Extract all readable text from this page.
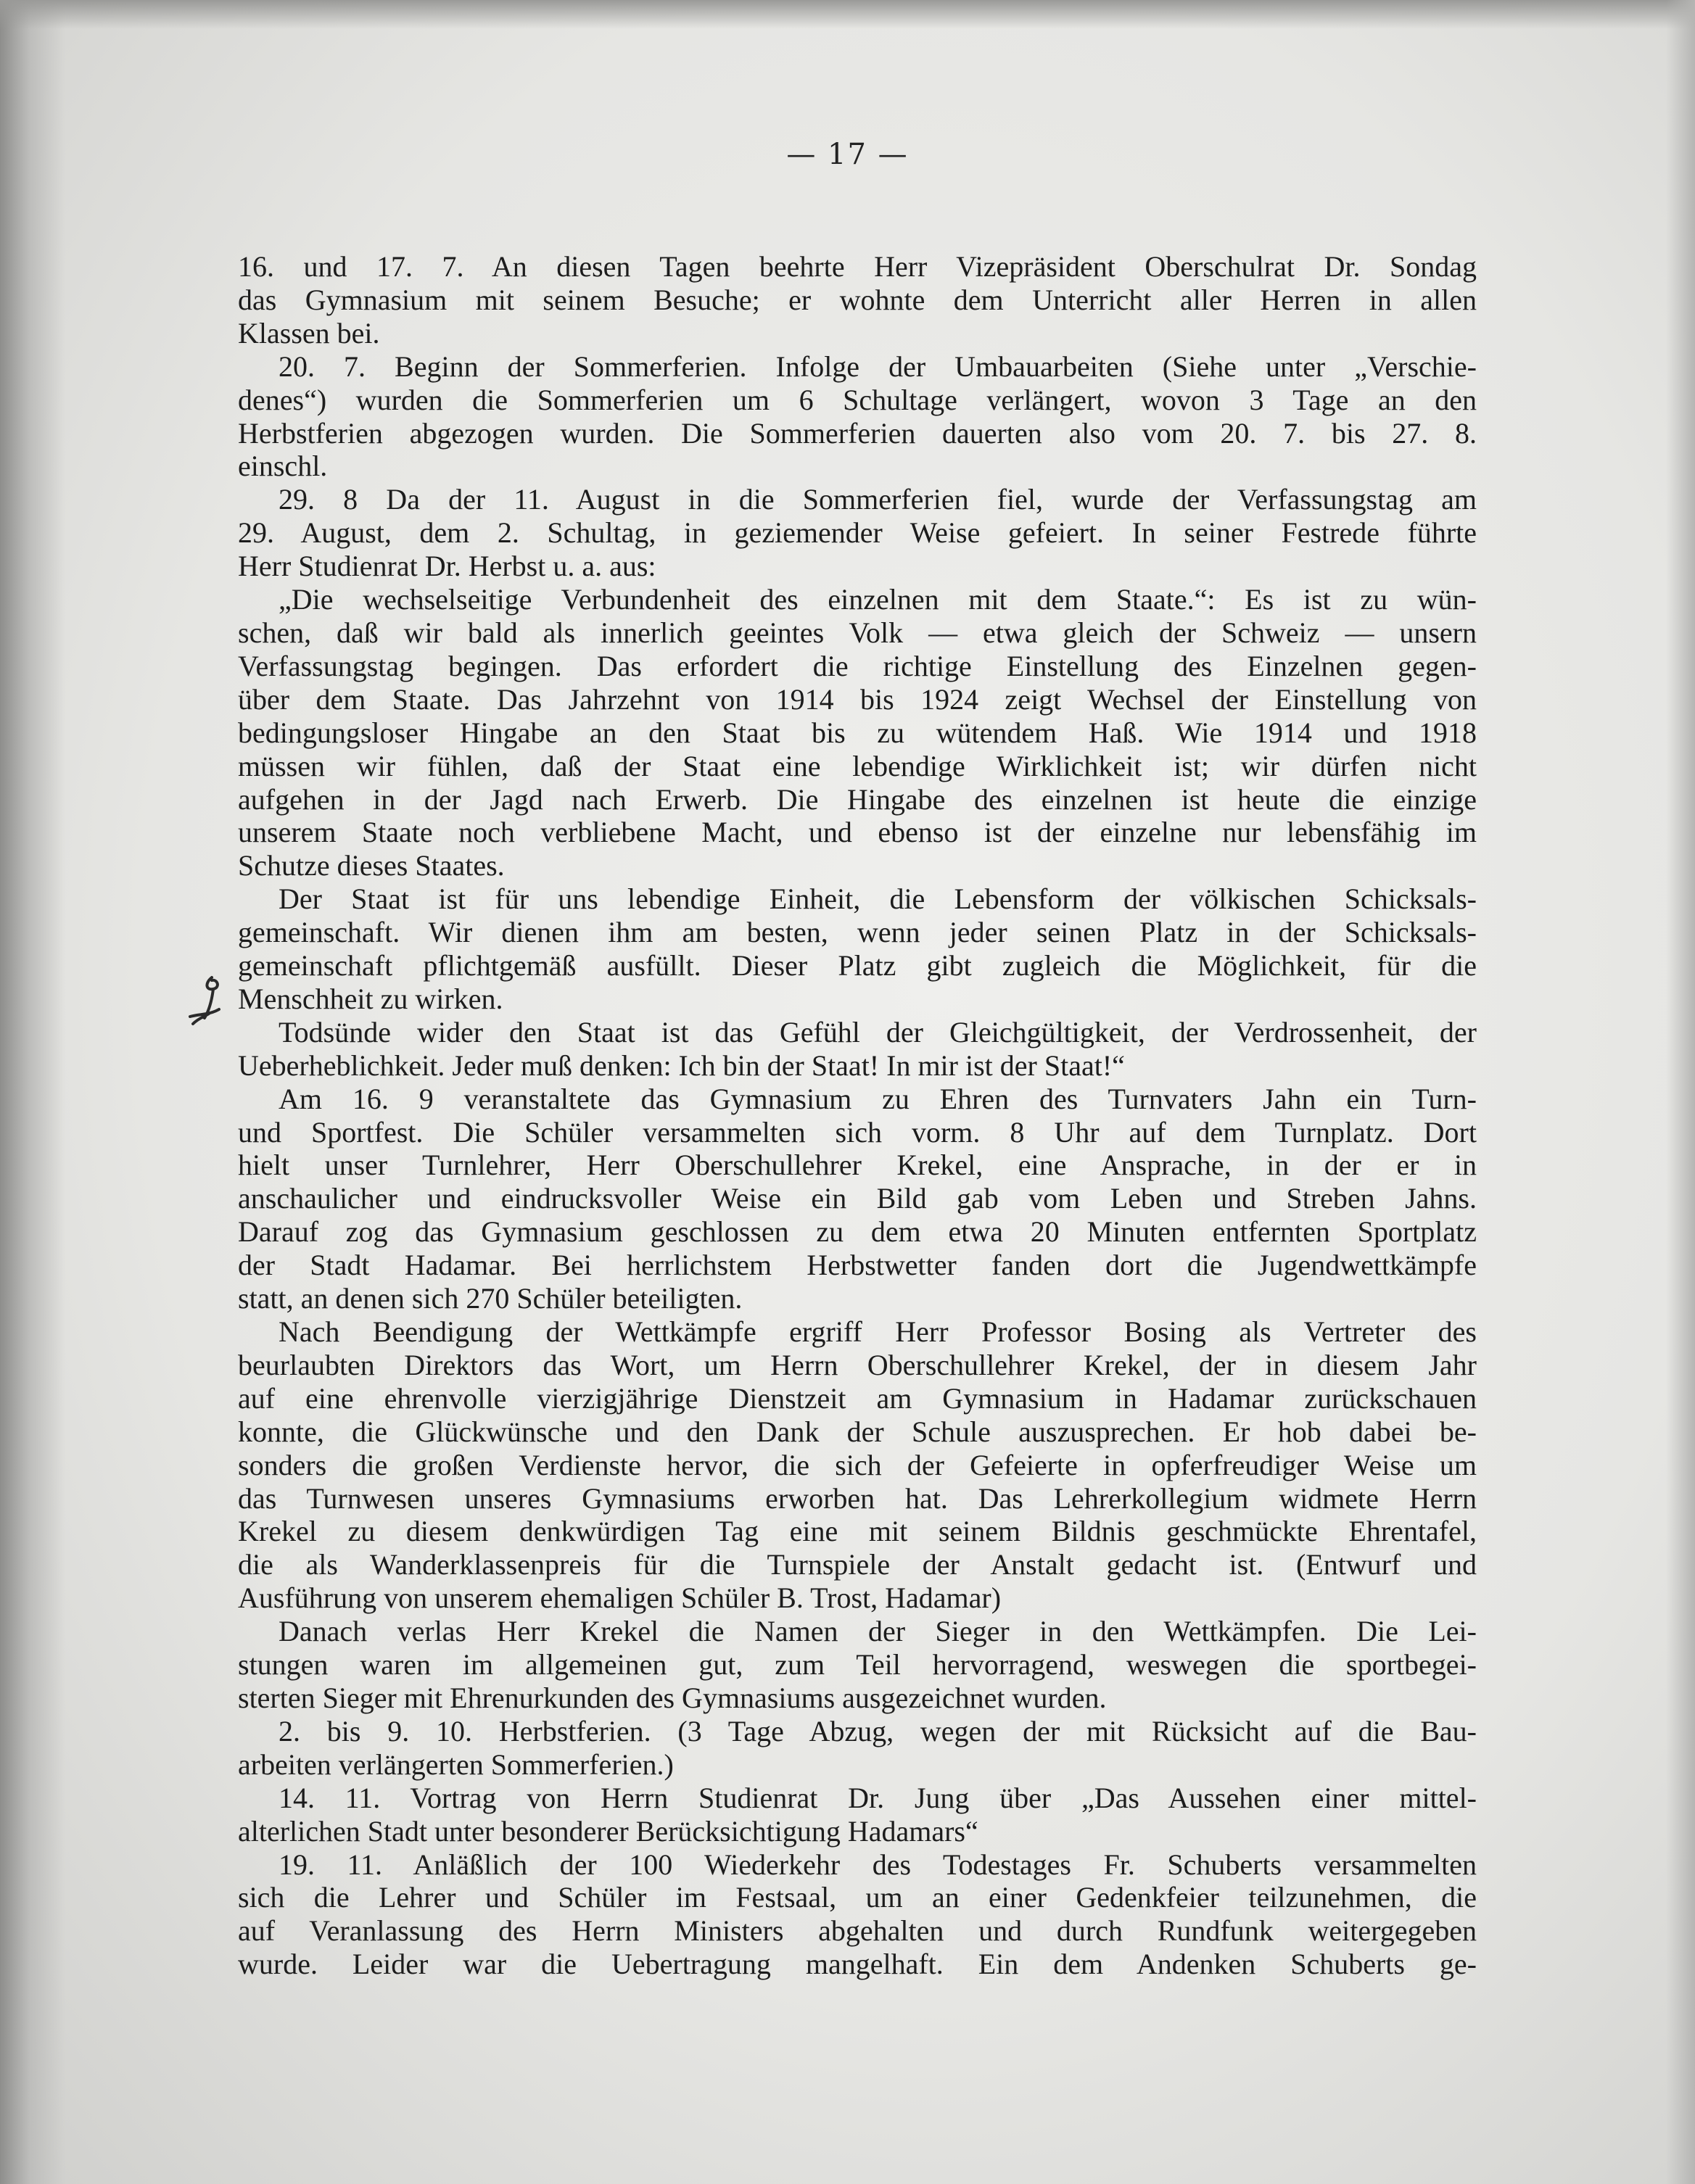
— 17 —
16. und 17. 7. An diesen Tagen beehrte Herr Vizepräsident Oberschulrat Dr. Sondag
das Gymnasium mit seinem Besuche; er wohnte dem Unterricht aller Herren in allen
Klassen bei.
20. 7. Beginn der Sommerferien. Infolge der Umbauarbeiten (Siehe unter „Verschie-
denes“) wurden die Sommerferien um 6 Schultage verlängert, wovon 3 Tage an den
Herbstferien abgezogen wurden. Die Sommerferien dauerten also vom 20. 7. bis 27. 8.
einschl.
29. 8 Da der 11. August in die Sommerferien fiel, wurde der Verfassungstag am
29. August, dem 2. Schultag, in geziemender Weise gefeiert. In seiner Festrede führte
Herr Studienrat Dr. Herbst u. a. aus:
„Die wechselseitige Verbundenheit des einzelnen mit dem Staate.“: Es ist zu wün-
schen, daß wir bald als innerlich geeintes Volk — etwa gleich der Schweiz — unsern
Verfassungstag begingen. Das erfordert die richtige Einstellung des Einzelnen gegen-
über dem Staate. Das Jahrzehnt von 1914 bis 1924 zeigt Wechsel der Einstellung von
bedingungsloser Hingabe an den Staat bis zu wütendem Haß. Wie 1914 und 1918
müssen wir fühlen, daß der Staat eine lebendige Wirklichkeit ist; wir dürfen nicht
aufgehen in der Jagd nach Erwerb. Die Hingabe des einzelnen ist heute die einzige
unserem Staate noch verbliebene Macht, und ebenso ist der einzelne nur lebensfähig im
Schutze dieses Staates.
Der Staat ist für uns lebendige Einheit, die Lebensform der völkischen Schicksals-
gemeinschaft. Wir dienen ihm am besten, wenn jeder seinen Platz in der Schicksals-
gemeinschaft pflichtgemäß ausfüllt. Dieser Platz gibt zugleich die Möglichkeit, für die
Menschheit zu wirken.
Todsünde wider den Staat ist das Gefühl der Gleichgültigkeit, der Verdrossenheit, der
Ueberheblichkeit. Jeder muß denken: Ich bin der Staat! In mir ist der Staat!“
Am 16. 9 veranstaltete das Gymnasium zu Ehren des Turnvaters Jahn ein Turn-
und Sportfest. Die Schüler versammelten sich vorm. 8 Uhr auf dem Turnplatz. Dort
hielt unser Turnlehrer, Herr Oberschullehrer Krekel, eine Ansprache, in der er in
anschaulicher und eindrucksvoller Weise ein Bild gab vom Leben und Streben Jahns.
Darauf zog das Gymnasium geschlossen zu dem etwa 20 Minuten entfernten Sportplatz
der Stadt Hadamar. Bei herrlichstem Herbstwetter fanden dort die Jugendwettkämpfe
statt, an denen sich 270 Schüler beteiligten.
Nach Beendigung der Wettkämpfe ergriff Herr Professor Bosing als Vertreter des
beurlaubten Direktors das Wort, um Herrn Oberschullehrer Krekel, der in diesem Jahr
auf eine ehrenvolle vierzigjährige Dienstzeit am Gymnasium in Hadamar zurückschauen
konnte, die Glückwünsche und den Dank der Schule auszusprechen. Er hob dabei be-
sonders die großen Verdienste hervor, die sich der Gefeierte in opferfreudiger Weise um
das Turnwesen unseres Gymnasiums erworben hat. Das Lehrerkollegium widmete Herrn
Krekel zu diesem denkwürdigen Tag eine mit seinem Bildnis geschmückte Ehrentafel,
die als Wanderklassenpreis für die Turnspiele der Anstalt gedacht ist. (Entwurf und
Ausführung von unserem ehemaligen Schüler B. Trost, Hadamar)
Danach verlas Herr Krekel die Namen der Sieger in den Wettkämpfen. Die Lei-
stungen waren im allgemeinen gut, zum Teil hervorragend, weswegen die sportbegei-
sterten Sieger mit Ehrenurkunden des Gymnasiums ausgezeichnet wurden.
2. bis 9. 10. Herbstferien. (3 Tage Abzug, wegen der mit Rücksicht auf die Bau-
arbeiten verlängerten Sommerferien.)
14. 11. Vortrag von Herrn Studienrat Dr. Jung über „Das Aussehen einer mittel-
alterlichen Stadt unter besonderer Berücksichtigung Hadamars“
19. 11. Anläßlich der 100 Wiederkehr des Todestages Fr. Schuberts versammelten
sich die Lehrer und Schüler im Festsaal, um an einer Gedenkfeier teilzunehmen, die
auf Veranlassung des Herrn Ministers abgehalten und durch Rundfunk weitergegeben
wurde. Leider war die Uebertragung mangelhaft. Ein dem Andenken Schuberts ge-
